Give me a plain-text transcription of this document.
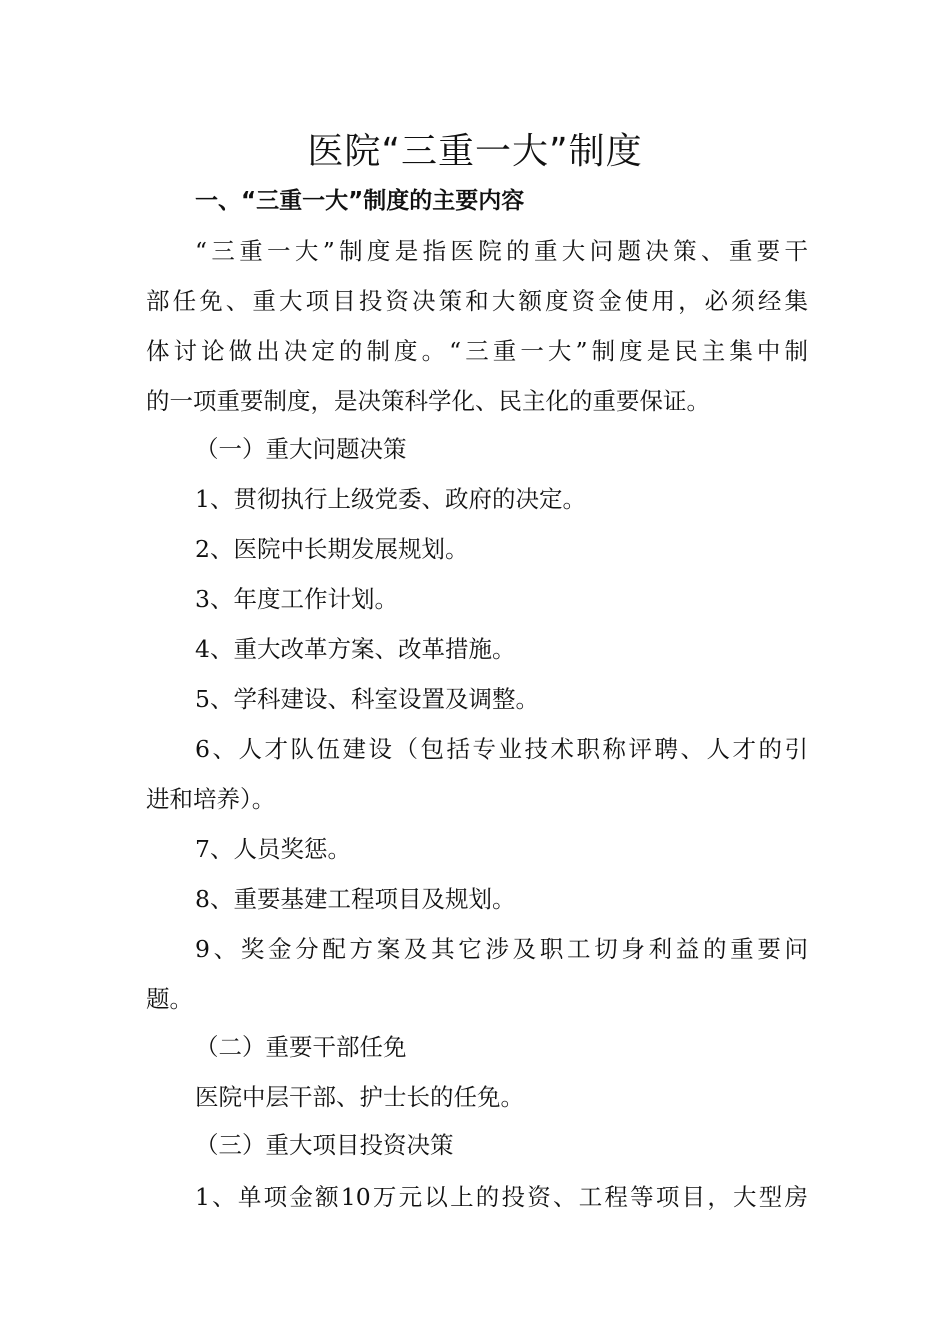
医院“三重一大”制度
一、“三重一大”制度的主要内容

“三重一大”制度是指医院的重大问题决策、重要干

部任免、重大项目投资决策和大额度资金使用，必须经集

体讨论做出决定的制度。“三重一大”制度是民主集中制

的一项重要制度，是决策科学化、民主化的重要保证。

（一）重大问题决策

1、贯彻执行上级党委、政府的决定。

2、医院中长期发展规划。

3、年度工作计划。

4、重大改革方案、改革措施。

5、学科建设、科室设置及调整。

6、人才队伍建设（包括专业技术职称评聘、人才的引

进和培养）。

7、人员奖惩。

8、重要基建工程项目及规划。

9、奖金分配方案及其它涉及职工切身利益的重要问

题。

（二）重要干部任免

医院中层干部、护士长的任免。

（三）重大项目投资决策

1、单项金额10万元以上的投资、工程等项目，大型房
